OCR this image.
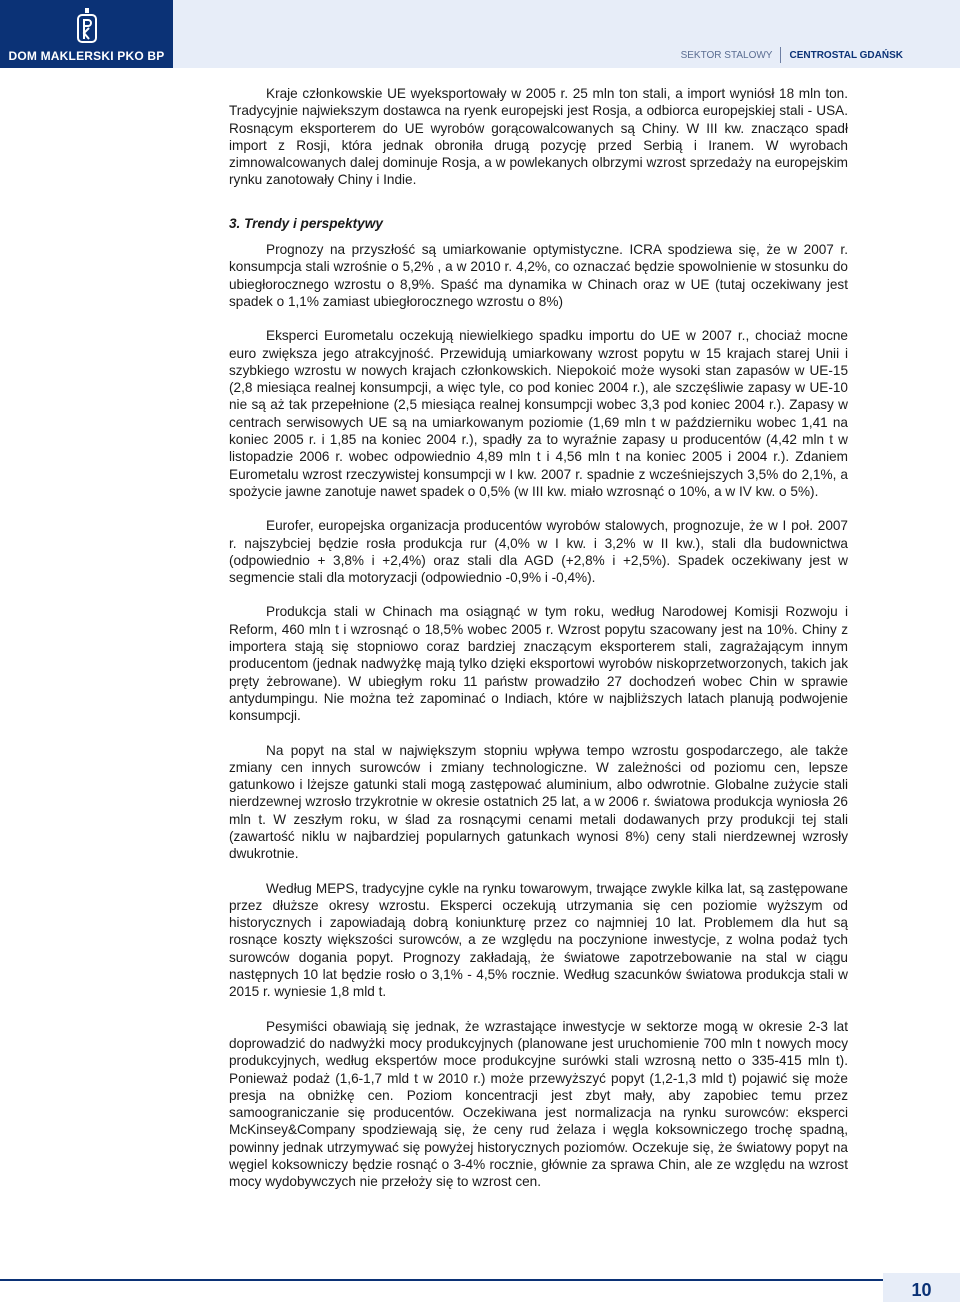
DOM MAKLERSKI PKO BP	SEKTOR STALOWY CENTROSTAL GDAŃSK

Kraje członkowskie UE wyeksportowały w 2005 r. 25 mln ton stali, a import wyniósł 18 mln ton. Tradycyjnie najwiekszym dostawca na ryenk europejski jest Rosja, a odbiorca europejskiej stali - USA. Rosnącym eksporterem do UE wyrobów gorącowalcowanych są Chiny. W III kw. znacząco spadł import z Rosji, która jednak obroniła drugą pozycję przed Serbią i Iranem. W wyrobach zimnowalcowanych dalej dominuje Rosja, a w powlekanych olbrzymi wzrost sprzedaży na europejskim rynku zanotowały Chiny i Indie.

3. Trendy i perspektywy

Prognozy na przyszłość są umiarkowanie optymistyczne. ICRA spodziewa się, że w 2007 r. konsumpcja stali wzrośnie o 5,2% , a w 2010 r. 4,2%, co oznaczać będzie spowolnienie w stosunku do ubiegłorocznego wzrostu o 8,9%. Spaść ma dynamika w Chinach oraz w UE (tutaj oczekiwany jest spadek o 1,1% zamiast ubiegłorocznego wzrostu o 8%)

Eksperci Eurometalu oczekują niewielkiego spadku importu do UE w 2007 r., chociaż mocne euro zwiększa jego atrakcyjność. Przewidują umiarkowany wzrost popytu w 15 krajach starej Unii i szybkiego wzrostu w nowych krajach członkowskich. Niepokoić może wysoki stan zapasów w UE-15 (2,8 miesiąca realnej konsumpcji, a więc tyle, co pod koniec 2004 r.), ale szczęśliwie zapasy w UE-10 nie są aż tak przepełnione (2,5 miesiąca realnej konsumpcji wobec 3,3 pod koniec 2004 r.). Zapasy w centrach serwisowych UE są na umiarkowanym poziomie (1,69 mln t w październiku wobec 1,41 na koniec 2005 r. i 1,85 na koniec 2004 r.), spadły za to wyraźnie zapasy u producentów (4,42 mln t w listopadzie 2006 r. wobec odpowiednio 4,89 mln t i 4,56 mln t na koniec 2005 i 2004 r.). Zdaniem Eurometalu wzrost rzeczywistej konsumpcji w I kw. 2007 r. spadnie z wcześniejszych 3,5% do 2,1%, a spożycie jawne zanotuje nawet spadek o 0,5% (w III kw. miało wzrosnąć o 10%, a w IV kw. o 5%).

Eurofer, europejska organizacja producentów wyrobów stalowych, prognozuje, że w I poł. 2007 r. najszybciej będzie rosła produkcja rur (4,0% w I kw. i 3,2% w II kw.), stali dla budownictwa (odpowiednio + 3,8% i +2,4%) oraz stali dla AGD (+2,8% i +2,5%). Spadek oczekiwany jest w segmencie stali dla motoryzacji (odpowiednio -0,9% i -0,4%).

Produkcja stali w Chinach ma osiągnąć w tym roku, według Narodowej Komisji Rozwoju i Reform, 460 mln t i wzrosnąć o 18,5% wobec 2005 r. Wzrost popytu szacowany jest na 10%. Chiny z importera stają się stopniowo coraz bardziej znaczącym eksporterem stali, zagrażającym innym producentom (jednak nadwyżkę mają tylko dzięki eksportowi wyrobów niskoprzetworzonych, takich jak pręty żebrowane). W ubiegłym roku 11 państw prowadziło 27 dochodzeń wobec Chin w sprawie antydumpingu. Nie można też zapominać o Indiach, które w najbliższych latach planują podwojenie konsumpcji.

Na popyt na stal w największym stopniu wpływa tempo wzrostu gospodarczego, ale także zmiany cen innych surowców i zmiany technologiczne. W zależności od poziomu cen, lepsze gatunkowo i lżejsze gatunki stali mogą zastępować aluminium, albo odwrotnie. Globalne zużycie stali nierdzewnej wzrosło trzykrotnie w okresie ostatnich 25 lat, a w 2006 r. światowa produkcja wyniosła 26 mln t. W zeszłym roku, w ślad za rosnącymi cenami metali dodawanych przy produkcji tej stali (zawartość niklu w najbardziej popularnych gatunkach wynosi 8%) ceny stali nierdzewnej wzrosły dwukrotnie.

Według MEPS, tradycyjne cykle na rynku towarowym, trwające zwykle kilka lat, są zastępowane przez dłuższe okresy wzrostu. Eksperci oczekują utrzymania się cen poziomie wyższym od historycznych i zapowiadają dobrą koniunkturę przez co najmniej 10 lat. Problemem dla hut są rosnące koszty większości surowców, a ze względu na poczynione inwestycje, z wolna podaż tych surowców dogania popyt. Prognozy zakładają, że światowe zapotrzebowanie na stal w ciągu następnych 10 lat będzie rosło o 3,1% - 4,5% rocznie. Według szacunków światowa produkcja stali w 2015 r. wyniesie 1,8 mld t.

Pesymiści obawiają się jednak, że wzrastające inwestycje w sektorze mogą w okresie 2-3 lat doprowadzić do nadwyżki mocy produkcyjnych (planowane jest uruchomienie 700 mln t nowych mocy produkcyjnych, według ekspertów moce produkcyjne surówki stali wzrosną netto o 335-415 mln t). Ponieważ podaż (1,6-1,7 mld t w 2010 r.) może przewyższyć popyt (1,2-1,3 mld t) pojawić się może presja na obniżkę cen. Poziom koncentracji jest zbyt mały, aby zapobiec temu przez samoograniczanie się producentów. Oczekiwana jest normalizacja na rynku surowców: eksperci McKinsey&Company spodziewają się, że ceny rud żelaza i węgla koksowniczego trochę spadną, powinny jednak utrzymywać się powyżej historycznych poziomów. Oczekuje się, że światowy popyt na węgiel koksowniczy będzie rosnąć o 3-4% rocznie, głównie za sprawa Chin, ale ze względu na wzrost mocy wydobywczych nie przełoży się to wzrost cen.

10
